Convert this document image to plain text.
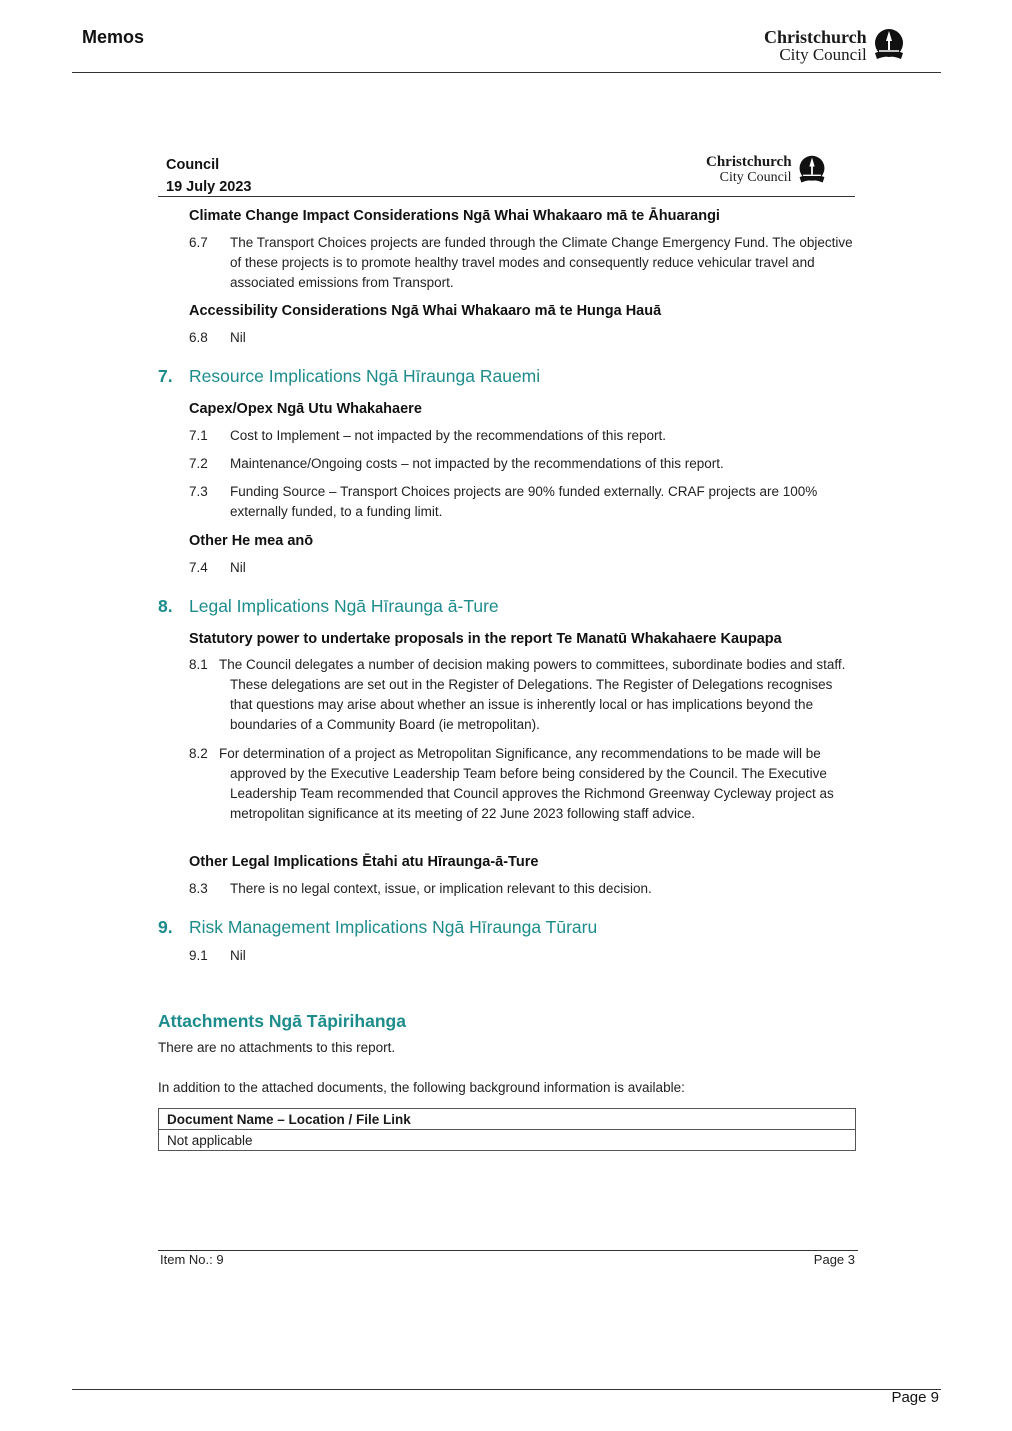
Memos	Christchurch
City Council
Council
19 July 2023
Christchurch
City Council
Climate Change Impact Considerations Ngā Whai Whakaaro mā te Āhuarangi
6.7	The Transport Choices projects are funded through the Climate Change Emergency Fund. The objective of these projects is to promote healthy travel modes and consequently reduce vehicular travel and associated emissions from Transport.
Accessibility Considerations Ngā Whai Whakaaro mā te Hunga Hauā
6.8	Nil
7. Resource Implications Ngā Hīraunga Rauemi
Capex/Opex Ngā Utu Whakahaere
7.1	Cost to Implement – not impacted by the recommendations of this report.
7.2	Maintenance/Ongoing costs – not impacted by the recommendations of this report.
7.3	Funding Source – Transport Choices projects are 90% funded externally. CRAF projects are 100% externally funded, to a funding limit.
Other He mea anō
7.4	Nil
8. Legal Implications Ngā Hīraunga ā-Ture
Statutory power to undertake proposals in the report Te Manatū Whakahaere Kaupapa
8.1 The Council delegates a number of decision making powers to committees, subordinate bodies and staff. These delegations are set out in the Register of Delegations. The Register of Delegations recognises that questions may arise about whether an issue is inherently local or has implications beyond the boundaries of a Community Board (ie metropolitan).
8.2 For determination of a project as Metropolitan Significance, any recommendations to be made will be approved by the Executive Leadership Team before being considered by the Council. The Executive Leadership Team recommended that Council approves the Richmond Greenway Cycleway project as metropolitan significance at its meeting of 22 June 2023 following staff advice.
Other Legal Implications Ētahi atu Hīraunga-ā-Ture
8.3	There is no legal context, issue, or implication relevant to this decision.
9. Risk Management Implications Ngā Hīraunga Tūraru
9.1	Nil
Attachments Ngā Tāpirihanga
There are no attachments to this report.
In addition to the attached documents, the following background information is available:
Document Name – Location / File Link
Not applicable
Item No.: 9	Page 3
Page 9
